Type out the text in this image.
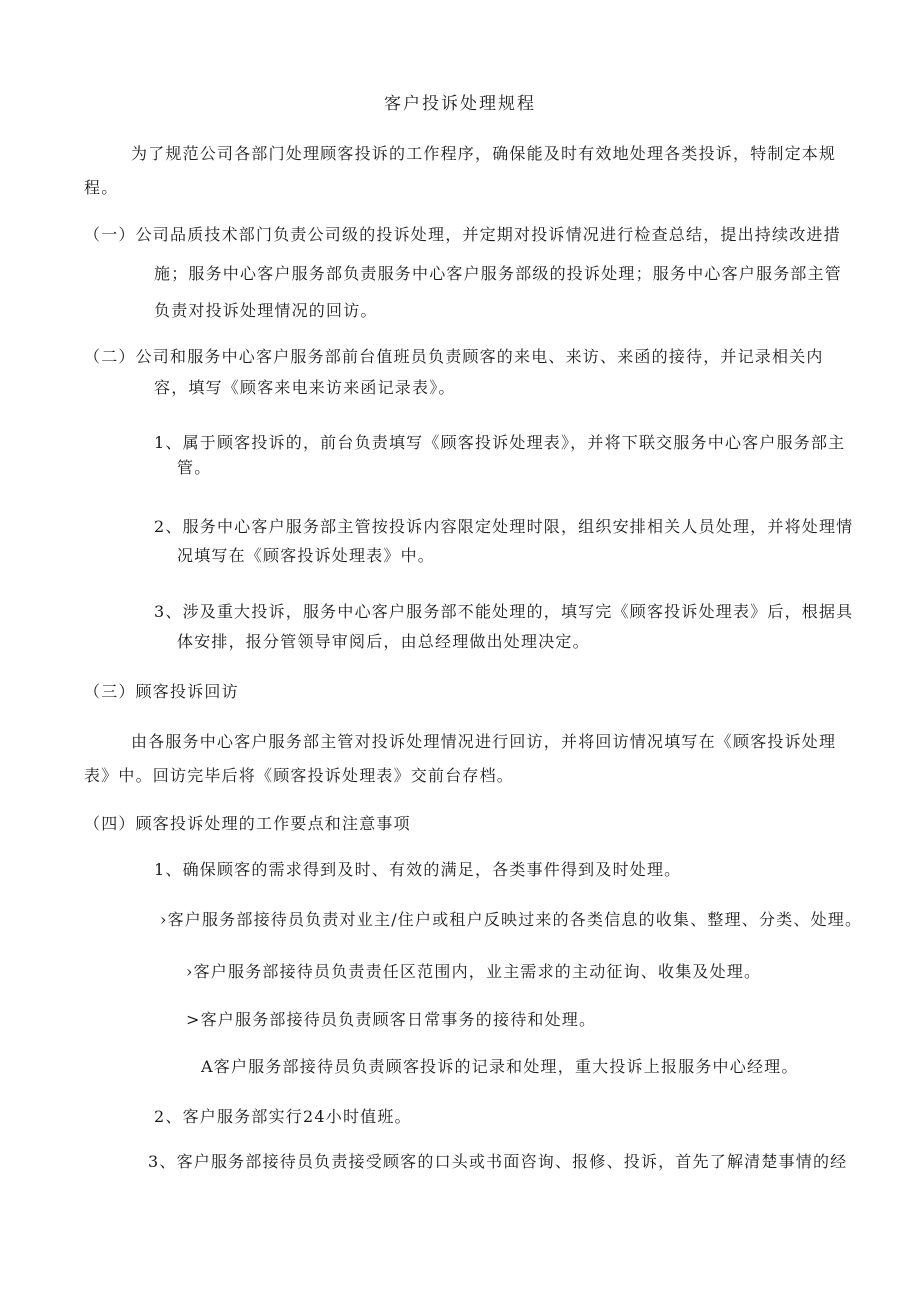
客户投诉处理规程
为了规范公司各部门处理顾客投诉的工作程序，确保能及时有效地处理各类投诉，特制定本规
程。
（一）公司品质技术部门负责公司级的投诉处理，并定期对投诉情况进行检查总结，提出持续改进措
施；服务中心客户服务部负责服务中心客户服务部级的投诉处理；服务中心客户服务部主管
负责对投诉处理情况的回访。
（二）公司和服务中心客户服务部前台值班员负责顾客的来电、来访、来函的接待，并记录相关内
容，填写《顾客来电来访来函记录表》。
1、属于顾客投诉的，前台负责填写《顾客投诉处理表》，并将下联交服务中心客户服务部主
管。
2、服务中心客户服务部主管按投诉内容限定处理时限，组织安排相关人员处理，并将处理情
况填写在《顾客投诉处理表》中。
3、涉及重大投诉，服务中心客户服务部不能处理的，填写完《顾客投诉处理表》后，根据具
体安排，报分管领导审阅后，由总经理做出处理决定。
（三）顾客投诉回访
由各服务中心客户服务部主管对投诉处理情况进行回访，并将回访情况填写在《顾客投诉处理
表》中。回访完毕后将《顾客投诉处理表》交前台存档。
（四）顾客投诉处理的工作要点和注意事项
1、确保顾客的需求得到及时、有效的满足，各类事件得到及时处理。
›客户服务部接待员负责对业主/住户或租户反映过来的各类信息的收集、整理、分类、处理。
›客户服务部接待员负责责任区范围内，业主需求的主动征询、收集及处理。
>客户服务部接待员负责顾客日常事务的接待和处理。
A客户服务部接待员负责顾客投诉的记录和处理，重大投诉上报服务中心经理。
2、客户服务部实行24小时值班。
3、客户服务部接待员负责接受顾客的口头或书面咨询、报修、投诉，首先了解清楚事情的经
